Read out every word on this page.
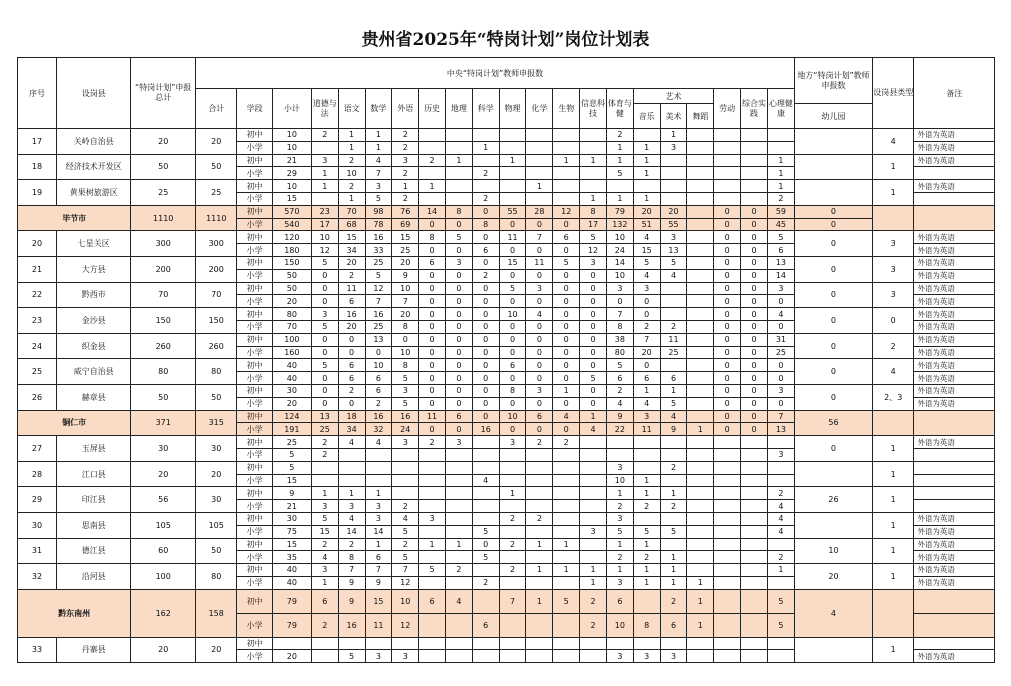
贵州省2025年“特岗计划”岗位计划表
序号	设岗县	“特岗计划”申报总计	中央“特岗计划”教师申报数																					地方“特岗计划”教师申报数	设岗县类型	备注
			合计	学段	小计	道德与法	语文	数学	外语	历史	地理	科学	物理	化学	生物	信息科技	体育与健	艺术			劳动	综合实践	心理健康			
																		音乐	美术	舞蹈				幼儿园		
17	关岭自治县	20	20	初中	10	2	1	1	2								2		1						4	外语为英语
				小学	10		1	1	2			1					1	1	3							外语为英语
18	经济技术开发区	50	50	初中	21	3	2	4	3	2	1		1		1	1	1	1					1		1	外语为英语
				小学	29	1	10	7	2			2					5	1					1			
19	黄果树旅游区	25	25	初中	10	1	2	3	1	1				1									1		1	外语为英语
				小学	15		1	5	2			2				1	1	1					2			
毕节市		1110	1110	初中	570	23	70	98	76	14	8	0	55	28	12	8	79	20	20		0	0	59	0		
				小学	540	17	68	78	69	0	0	8	0	0	0	17	132	51	55		0	0	45	0		
20	七星关区	300	300	初中	120	10	15	16	15	8	5	0	11	7	6	5	10	4	3		0	0	5	0	3	外语为英语
				小学	180	12	34	33	25	0	0	6	0	0	0	12	24	15	13		0	0	6			外语为英语
21	大方县	200	200	初中	150	5	20	25	20	6	3	0	15	11	5	3	14	5	5		0	0	13	0	3	外语为英语
				小学	50	0	2	5	9	0	0	2	0	0	0	0	10	4	4		0	0	14			外语为英语
22	黔西市	70	70	初中	50	0	11	12	10	0	0	0	5	3	0	0	3	3			0	0	3	0	3	外语为英语
				小学	20	0	6	7	7	0	0	0	0	0	0	0	0	0			0	0	0			外语为英语
23	金沙县	150	150	初中	80	3	16	16	20	0	0	0	10	4	0	0	7	0			0	0	4	0	0	外语为英语
				小学	70	5	20	25	8	0	0	0	0	0	0	0	8	2	2		0	0	0			外语为英语
24	织金县	260	260	初中	100	0	0	13	0	0	0	0	0	0	0	0	38	7	11		0	0	31	0	2	外语为英语
				小学	160	0	0	0	10	0	0	0	0	0	0	0	80	20	25		0	0	25			外语为英语
25	威宁自治县	80	80	初中	40	5	6	10	8	0	0	0	6	0	0	0	5	0			0	0	0	0	4	外语为英语
				小学	40	0	6	6	5	0	0	0	0	0	0	5	6	6	6		0	0	0			外语为英语
26	赫章县	50	50	初中	30	0	2	6	3	0	0	0	8	3	1	0	2	1	1		0	0	3	0	2、3	外语为英语
				小学	20	0	0	2	5	0	0	0	0	0	0	0	4	4	5		0	0	0			外语为英语
铜仁市		371	315	初中	124	13	18	16	16	11	6	0	10	6	4	1	9	3	4		0	0	7	56		
				小学	191	25	34	32	24	0	0	16	0	0	0	4	22	11	9	1	0	0	13			
27	玉屏县	30	30	初中	25	2	4	4	3	2	3		3	2	2									0	1	外语为英语
				小学	5	2																	3			
28	江口县	20	20	初中	5												3		2						1	
				小学	15							4					10	1								
29	印江县	56	30	初中	9	1	1	1					1				1	1	1				2	26	1	
				小学	21	3	3	3	2								2	2	2				4			
30	思南县	105	105	初中	30	5	4	3	4	3			2	2			3						4		1	外语为英语
				小学	75	15	14	14	5			5				3	5	5	5				4			外语为英语
31	德江县	60	50	初中	15	2	2	1	2	1	1	0	2	1	1		1	1						10	1	外语为英语
				小学	35	4	8	6	5			5					2	2	1				2			外语为英语
32	沿河县	100	80	初中	40	3	7	7	7	5	2		2	1	1	1	1	1	1				1	20	1	外语为英语
				小学	40	1	9	9	12			2				1	3	1	1	1						外语为英语
黔东南州		162	158	初中	79	6	9	15	10	6	4		7	1	5	2	6		2	1			5	4		
				小学	79	2	16	11	12			6				2	10	8	6	1			5			
33	丹寨县	20	20	初中																					1	
				小学	20		5	3	3								3	3	3							外语为英语
